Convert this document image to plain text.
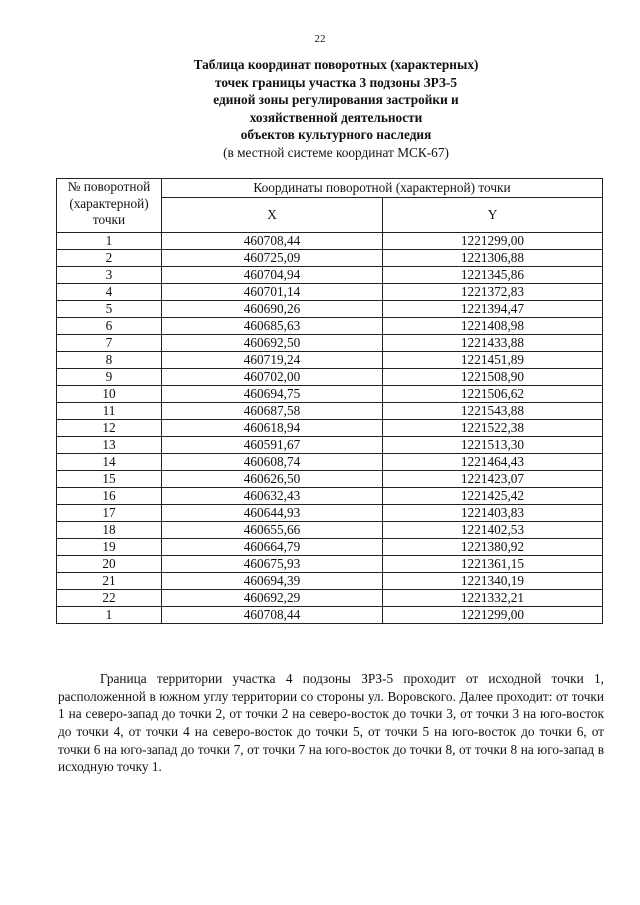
22
Таблица координат поворотных (характерных)
точек границы участка 3 подзоны ЗРЗ-5
единой зоны регулирования застройки и
хозяйственной деятельности
объектов культурного наследия
(в местной системе координат МСК-67)
№ поворотной (характерной) точки	Координаты поворотной (характерной) точки	
	X	Y
1	460708,44	1221299,00
2	460725,09	1221306,88
3	460704,94	1221345,86
4	460701,14	1221372,83
5	460690,26	1221394,47
6	460685,63	1221408,98
7	460692,50	1221433,88
8	460719,24	1221451,89
9	460702,00	1221508,90
10	460694,75	1221506,62
11	460687,58	1221543,88
12	460618,94	1221522,38
13	460591,67	1221513,30
14	460608,74	1221464,43
15	460626,50	1221423,07
16	460632,43	1221425,42
17	460644,93	1221403,83
18	460655,66	1221402,53
19	460664,79	1221380,92
20	460675,93	1221361,15
21	460694,39	1221340,19
22	460692,29	1221332,21
1	460708,44	1221299,00

Граница территории участка 4 подзоны ЗРЗ-5 проходит от исходной точки 1, расположенной в южном углу территории со стороны ул. Воровского. Далее проходит: от точки 1 на северо-запад до точки 2, от точки 2 на северо-восток до точки 3, от точки 3 на юго-восток до точки 4, от точки 4 на северо-восток до точки 5, от точки 5 на юго-восток до точки 6, от точки 6 на юго-запад до точки 7, от точки 7 на юго-восток до точки 8, от точки 8 на юго-запад в исходную точку 1.
